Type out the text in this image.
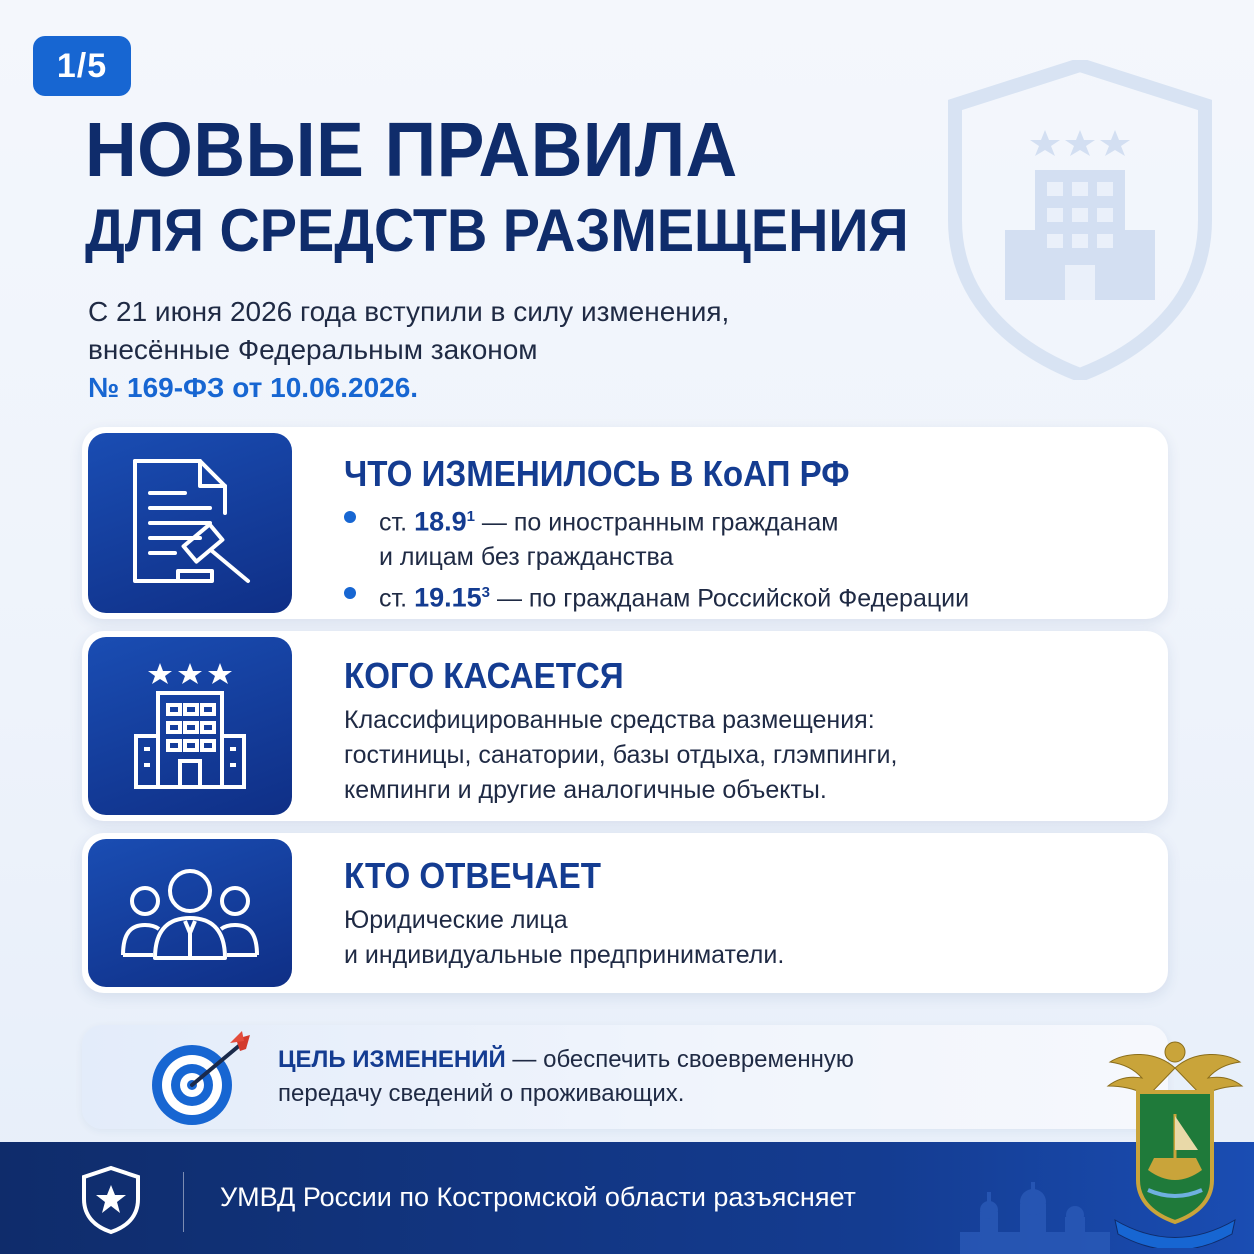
1/5
НОВЫЕ ПРАВИЛА
ДЛЯ СРЕДСТВ РАЗМЕЩЕНИЯ
С 21 июня 2026 года вступили в силу изменения,
внесённые Федеральным законом
№ 169-ФЗ от 10.06.2026.
ЧТО ИЗМЕНИЛОСЬ В КоАП РФ
ст. 18.9$^1$ — по иностранным гражданам
и лицам без гражданства
ст. 19.15$^3$ — по гражданам Российской Федерации
КОГО КАСАЕТСЯ
Классифицированные средства размещения:
гостиницы, санатории, базы отдыха, глэмпинги,
кемпинги и другие аналогичные объекты.
КТО ОТВЕЧАЕТ
Юридические лица
и индивидуальные предприниматели.
ЦЕЛЬ ИЗМЕНЕНИЙ — обеспечить своевременную
передачу сведений о проживающих.
УМВД России по Костромской области разъясняет
